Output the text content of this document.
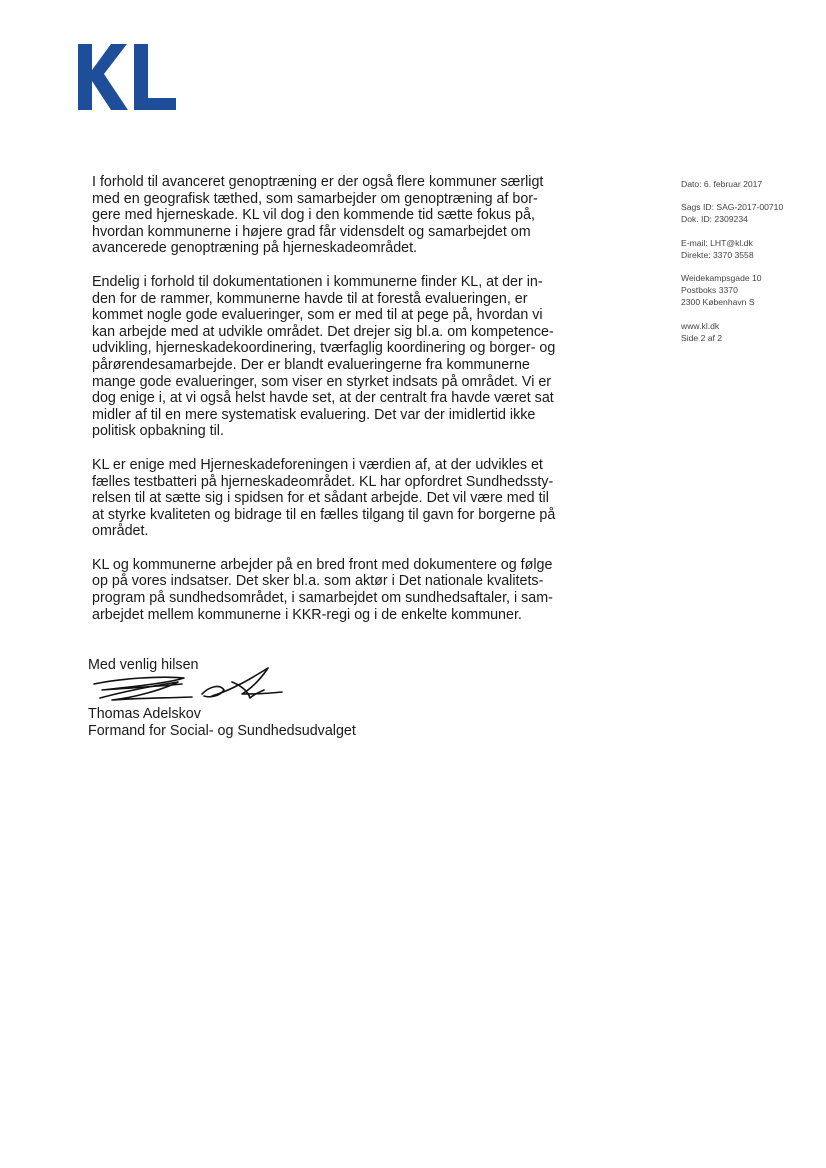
I forhold til avanceret genoptræning er der også flere kommuner særligt
med en geografisk tæthed, som samarbejder om genoptræning af bor-
gere med hjerneskade. KL vil dog i den kommende tid sætte fokus på,
hvordan kommunerne i højere grad får vidensdelt og samarbejdet om
avancerede genoptræning på hjerneskadeområdet.

Endelig i forhold til dokumentationen i kommunerne finder KL, at der in-
den for de rammer, kommunerne havde til at forestå evalueringen, er
kommet nogle gode evalueringer, som er med til at pege på, hvordan vi
kan arbejde med at udvikle området. Det drejer sig bl.a. om kompetence-
udvikling, hjerneskadekoordinering, tværfaglig koordinering og borger- og
pårørendesamarbejde. Der er blandt evalueringerne fra kommunerne
mange gode evalueringer, som viser en styrket indsats på området. Vi er
dog enige i, at vi også helst havde set, at der centralt fra havde været sat
midler af til en mere systematisk evaluering. Det var der imidlertid ikke
politisk opbakning til.

KL er enige med Hjerneskadeforeningen i værdien af, at der udvikles et
fælles testbatteri på hjerneskadeområdet. KL har opfordret Sundhedssty-
relsen til at sætte sig i spidsen for et sådant arbejde. Det vil være med til
at styrke kvaliteten og bidrage til en fælles tilgang til gavn for borgerne på
området.

KL og kommunerne arbejder på en bred front med dokumentere og følge
op på vores indsatser. Det sker bl.a. som aktør i Det nationale kvalitets-
program på sundhedsområdet, i samarbejdet om sundhedsaftaler, i sam-
arbejdet mellem kommunerne i KKR-regi og i de enkelte kommuner.

Dato: 6. februar 2017
Sags ID: SAG-2017-00710
Dok. ID: 2309234
E-mail: LHT@kl.dk
Direkte: 3370 3558
Weidekampsgade 10
Postboks 3370
2300 København S
www.kl.dk
Side 2 af 2
Med venlig hilsen
Thomas Adelskov
Formand for Social- og Sundhedsudvalget
